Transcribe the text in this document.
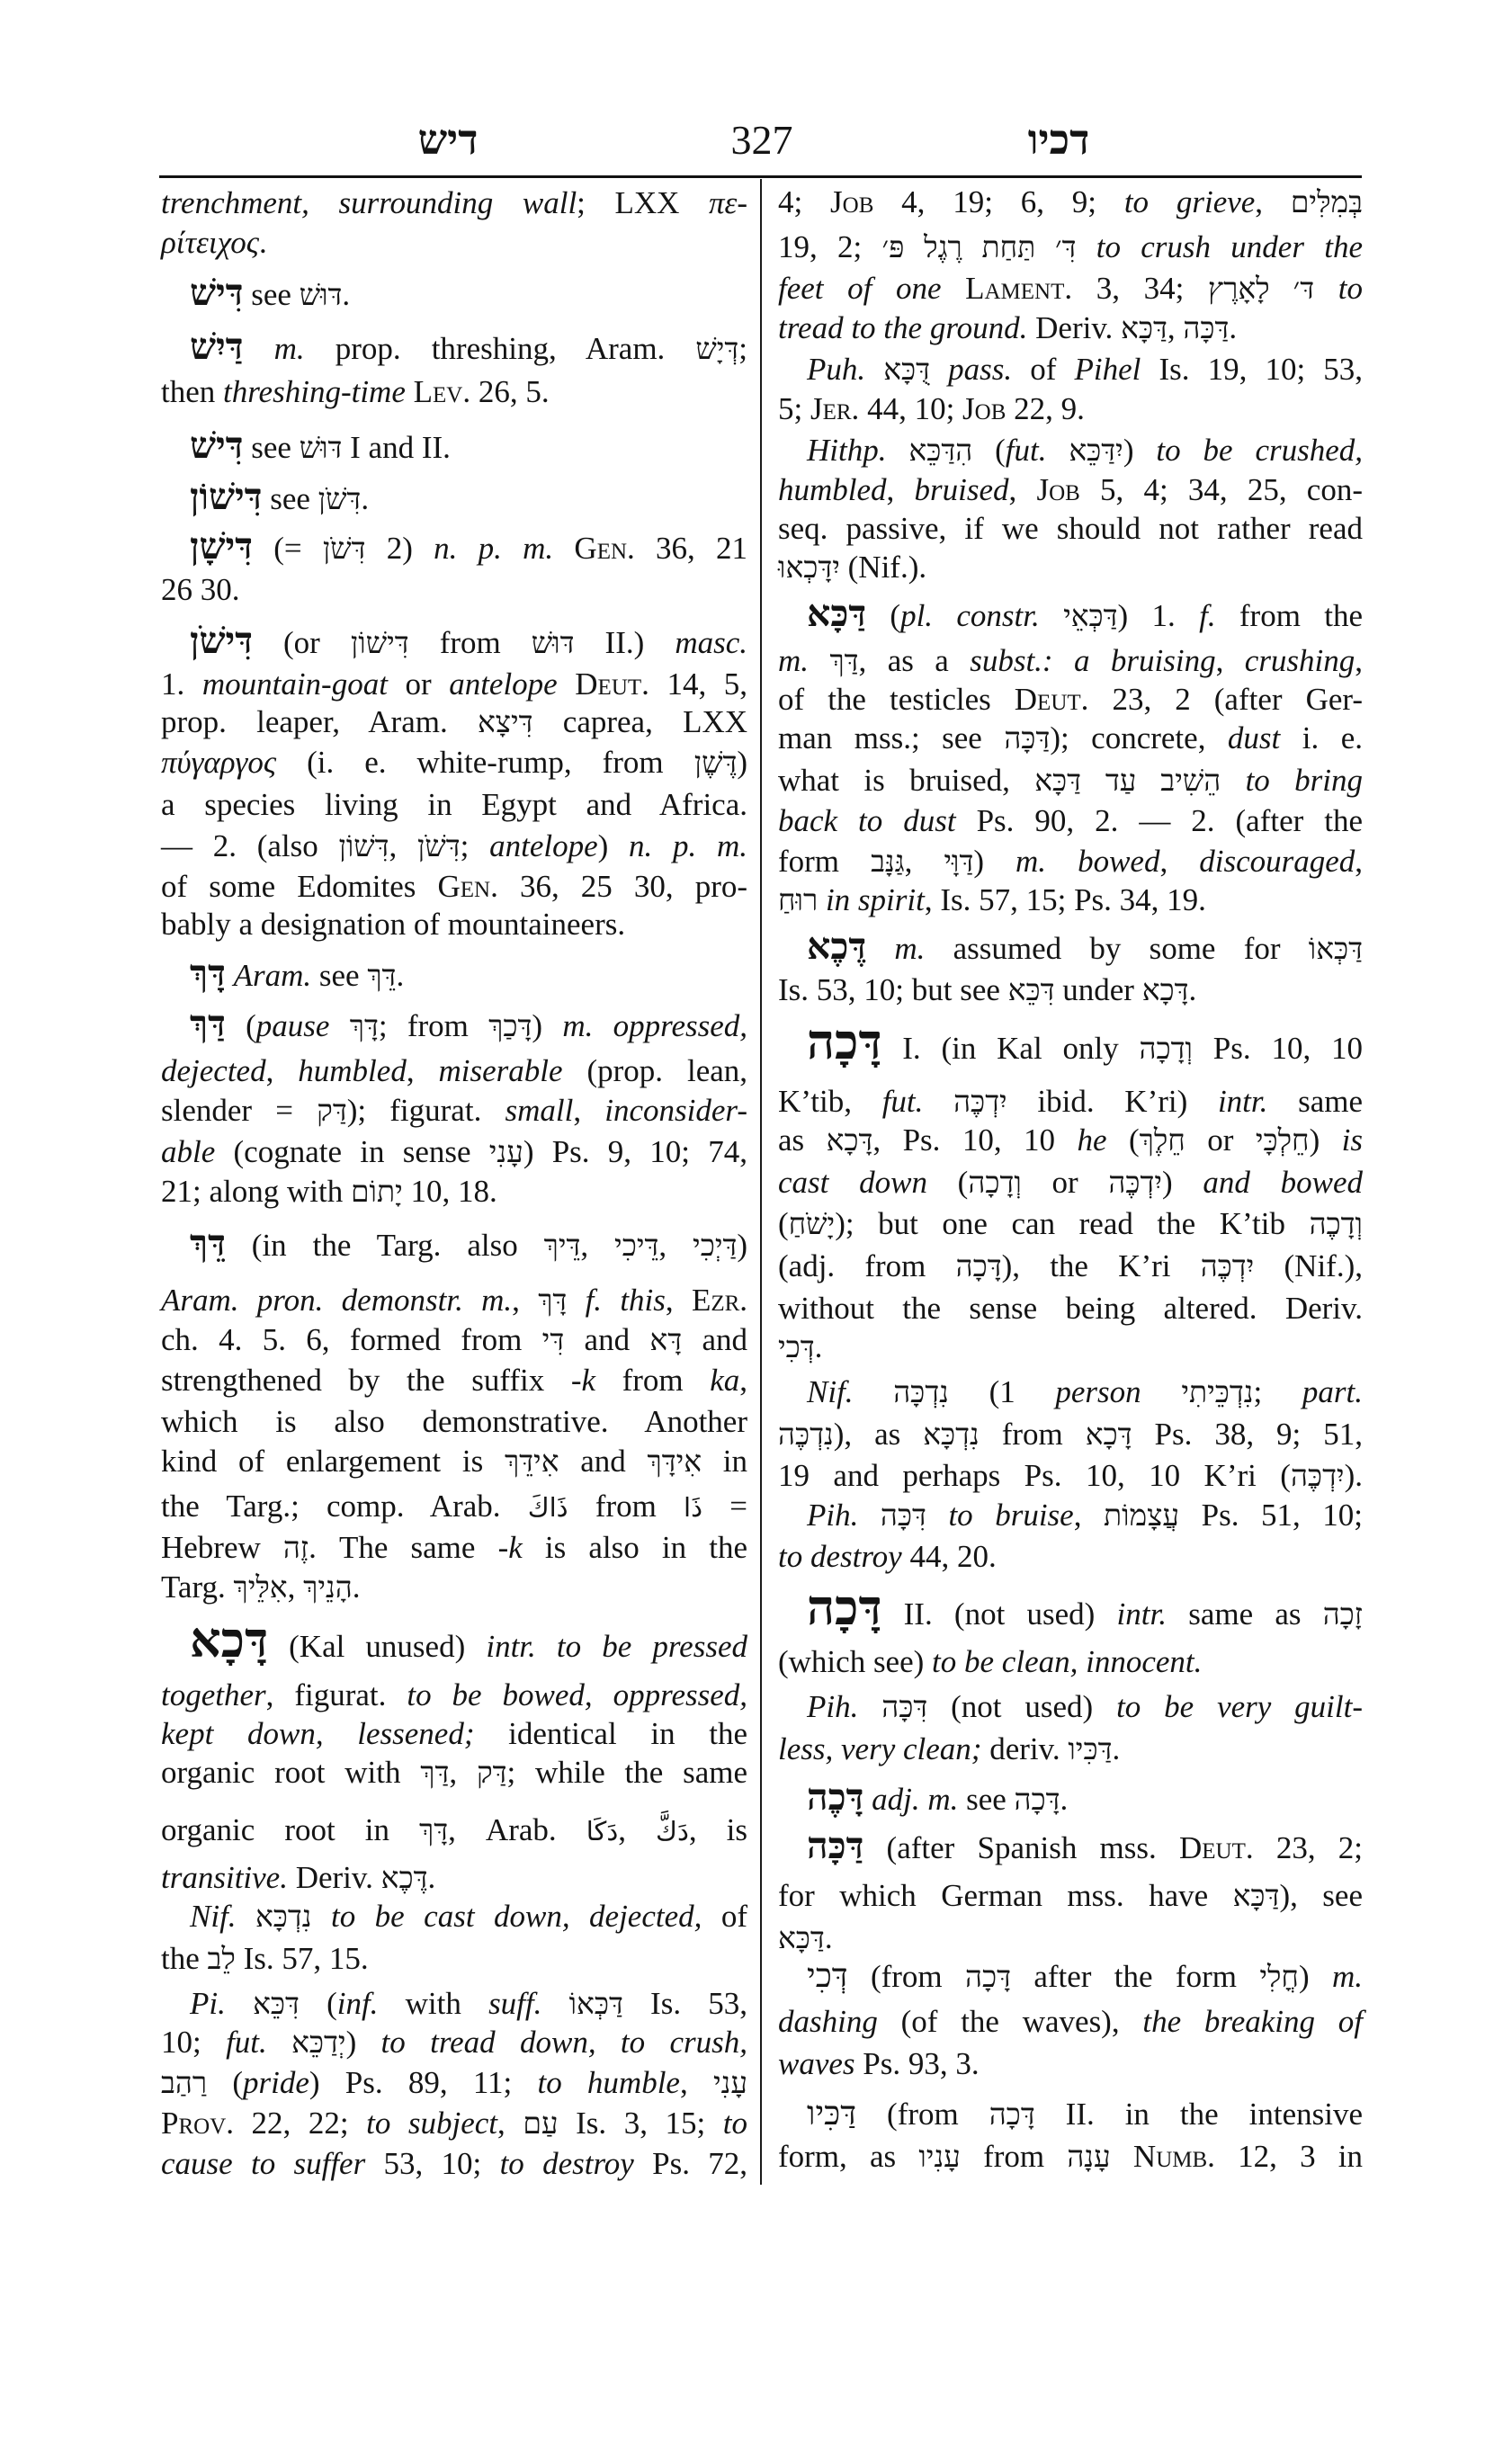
דיש	327	דכיו
trenchment, surrounding wall; LXX πε-
ρίτειχος.
דִּישׁ see דּוּשׁ.
דַּיִשׁ m. prop. threshing, Aram. דְּיָשׁ;
then threshing-time Lev. 26, 5.
דִּישׁ see דּוּשׁ I and II.
דִּישׁוֹן see דִּשֹׁן.
דִּישָׁן (= דִּשֹׁן 2) n. p. m. Gen. 36, 21
26 30.
דִּישֹׁן (or דִּישׁוֹן from דּוּשׁ II.) masc.
1. mountain-goat or antelope Deut. 14, 5,
prop. leaper, Aram. דִּיצָא caprea, LXX
πύγαργος (i. e. white-rump, from דֶּשֶׁן)
a species living in Egypt and Africa.
— 2. (also דִּשׁוֹן, דִּשֹׁן; antelope) n. p. m.
of some Edomites Gen. 36, 25 30, pro-
bably a designation of mountaineers.
דָּךְ Aram. see דֵּךְ.
דַּךְ (pause דָּךְ; from דָּכַךְ) m. oppressed,
dejected, humbled, miserable (prop. lean,
slender = דַּק); figurat. small, inconsider-
able (cognate in sense עָנִי) Ps. 9, 10; 74,
21; along with יָתוֹם 10, 18.
דֵּךְ (in the Targ. also דֵּיךְ, דֵּיכִי, דַּיְכִי)
Aram. pron. demonstr. m., דָּךְ f. this, Ezr.
ch. 4. 5. 6, formed from דִּי and דָּא and
strengthened by the suffix -k from ka,
which is also demonstrative. Another
kind of enlargement is אִידֵּךְ and אִידָּךְ in
the Targ.; comp. Arab. ذَاكَ from ذَا =
Hebrew זֶה. The same -k is also in the
Targ. אִלֵּיךְ, הָנֵיךְ.
דָּכָא (Kal unused) intr. to be pressed
together, figurat. to be bowed, oppressed,
kept down, lessened; identical in the
organic root with דַּךְ, דַּק; while the same
organic root in דָּךְ, Arab. دَكَا, دَكَّ, is
transitive. Deriv. דֶּכֶא.
Nif. נִדְכָּא to be cast down, dejected, of
the לֵב Is. 57, 15.
Pi. דִּכֵּא (inf. with suff. דַּכְּאוֹ Is. 53,
10; fut. יְדַכֵּא) to tread down, to crush,
רַהַב (pride) Ps. 89, 11; to humble, עָנִי
Prov. 22, 22; to subject, עַם Is. 3, 15; to
cause to suffer 53, 10; to destroy Ps. 72,
4; Job 4, 19; 6, 9; to grieve, בְּמִלִּים
19, 2; דִּ׳ תַּחַת רֶגֶל פּ׳ to crush under the
feet of one Lament. 3, 34; דּ׳ לָאָרֶץ to
tread to the ground. Deriv. דַּכָּא, דַּכָּה.
Puh. דֻּכָּא pass. of Pihel Is. 19, 10; 53,
5; Jer. 44, 10; Job 22, 9.
Hithp. הִדַּכֵּא (fut. יִדַּכֵּא) to be crushed,
humbled, bruised, Job 5, 4; 34, 25, con-
seq. passive, if we should not rather read
יִדָּכְאוּ (Nif.).
דַּכָּא (pl. constr. דַּכְּאֵי) 1. f. from the
m. דַּךְ, as a subst.: a bruising, crushing,
of the testicles Deut. 23, 2 (after Ger-
man mss.; see דַּכָּה); concrete, dust i. e.
what is bruised, הֵשִׁיב עַד דַּכָּא to bring
back to dust Ps. 90, 2. — 2. (after the
form גַּנָּב, דַּוָּי) m. bowed, discouraged,
רוּחַ in spirit, Is. 57, 15; Ps. 34, 19.
דֶּכֶא m. assumed by some for דַּכְּאוֹ
Is. 53, 10; but see דִּכֵּא under דָּכָא.
דָּכָה I. (in Kal only וְדָכָה Ps. 10, 10
K’tib, fut. יִדְכֶּה ibid. K’ri) intr. same
as דָּכָא, Ps. 10, 10 he (חֵלֶךְ or חֵלְכָּי) is
cast down (וְדָכָה or יִדְכֶּה) and bowed
(יָשֹׁחַ); but one can read the K’tib וְדָכֶה
(adj. from דָּכָה), the K’ri יִדְכֶּה (Nif.),
without the sense being altered. Deriv.
דְּכִי.
Nif. נִדְכָּה (1 person נִדְכֵּיתִי; part.
נִדְכֶּה), as נִדְכָּא from דָּכָא Ps. 38, 9; 51,
19 and perhaps Ps. 10, 10 K’ri (יִדְכֶּה).
Pih. דִּכָּה to bruise, עֲצָמוֹת Ps. 51, 10;
to destroy 44, 20.
דָּכָה II. (not used) intr. same as זָכָה
(which see) to be clean, innocent.
Pih. דִּכָּה (not used) to be very guilt-
less, very clean; deriv. דַּכִּיו.
דָּכֶה adj. m. see דָּכָה.
דַּכָּה (after Spanish mss. Deut. 23, 2;
for which German mss. have דַּכָּא), see
דַּכָּא.
דְּכִי (from דָּכָה after the form חֳלִי) m.
dashing (of the waves), the breaking of
waves Ps. 93, 3.
דַּכִּיו (from דָּכָה II. in the intensive
form, as עָנִיו from עָנָה Numb. 12, 3 in
